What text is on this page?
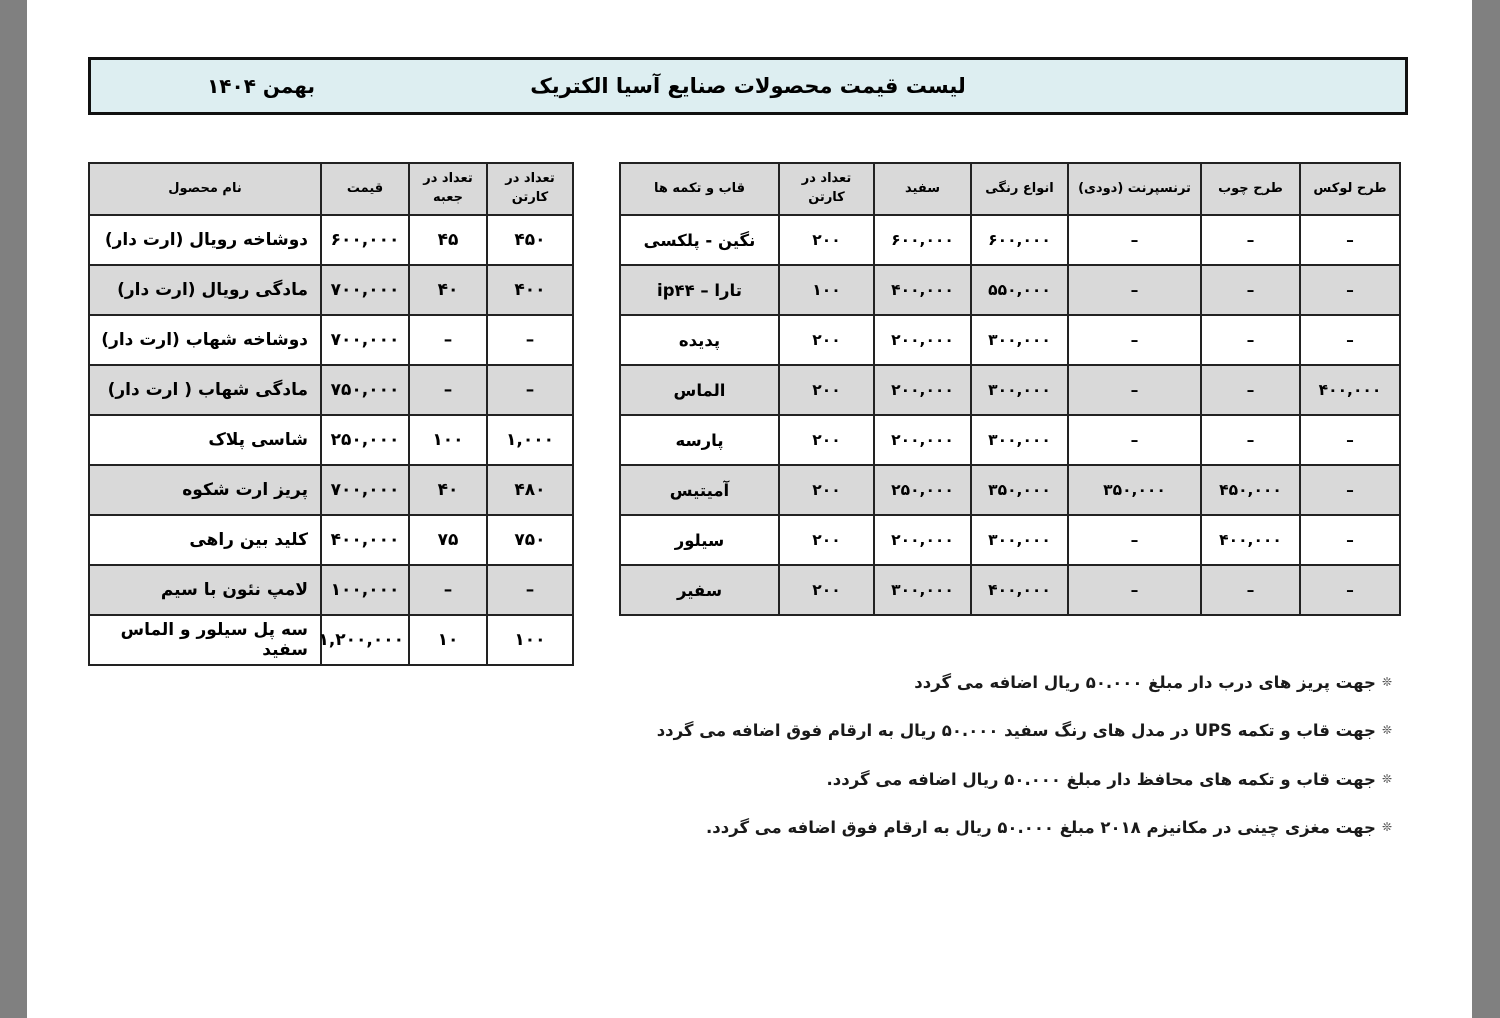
لیست قیمت محصولات صنایع آسیا الکتریک
بهمن ۱۴۰۴
تعداد در کارتن	تعداد در جعبه	قیمت	نام محصول
۴۵۰	۴۵	۶۰۰,۰۰۰	دوشاخه رویال (ارت دار)
۴۰۰	۴۰	۷۰۰,۰۰۰	مادگی رویال (ارت دار)
–	–	۷۰۰,۰۰۰	دوشاخه شهاب (ارت دار)
–	–	۷۵۰,۰۰۰	مادگی شهاب ( ارت دار)
۱,۰۰۰	۱۰۰	۲۵۰,۰۰۰	شاسی پلاک
۴۸۰	۴۰	۷۰۰,۰۰۰	پریز ارت شکوه
۷۵۰	۷۵	۴۰۰,۰۰۰	کلید بین راهی
–	–	۱۰۰,۰۰۰	لامپ نئون با سیم
۱۰۰	۱۰	۱,۲۰۰,۰۰۰	سه پل سیلور و الماس سفید
طرح لوکس	طرح چوب	ترنسپرنت (دودی)	انواع رنگی	سفید	تعداد در کارتن	قاب و تکمه ها
–	–	–	۶۰۰,۰۰۰	۶۰۰,۰۰۰	۲۰۰	نگین - پلکسی
–	–	–	۵۵۰,۰۰۰	۴۰۰,۰۰۰	۱۰۰	تارا – ip۴۴
–	–	–	۳۰۰,۰۰۰	۲۰۰,۰۰۰	۲۰۰	پدیده
۴۰۰,۰۰۰	–	–	۳۰۰,۰۰۰	۲۰۰,۰۰۰	۲۰۰	الماس
–	–	–	۳۰۰,۰۰۰	۲۰۰,۰۰۰	۲۰۰	پارسه
–	۴۵۰,۰۰۰	۳۵۰,۰۰۰	۳۵۰,۰۰۰	۲۵۰,۰۰۰	۲۰۰	آمیتیس
–	۴۰۰,۰۰۰	–	۳۰۰,۰۰۰	۲۰۰,۰۰۰	۲۰۰	سیلور
–	–	–	۴۰۰,۰۰۰	۳۰۰,۰۰۰	۲۰۰	سفیر
❊جهت پریز های درب دار مبلغ ۵۰.۰۰۰ ریال اضافه می گردد
❊جهت قاب و تکمه UPS در مدل های رنگ سفید ۵۰.۰۰۰ ریال به ارقام فوق اضافه می گردد
❊جهت قاب و تکمه های محافظ دار مبلغ ۵۰.۰۰۰ ریال اضافه می گردد.
❊جهت مغزی چینی در مکانیزم ۲۰۱۸ مبلغ ۵۰.۰۰۰ ریال به ارقام فوق اضافه می گردد.
